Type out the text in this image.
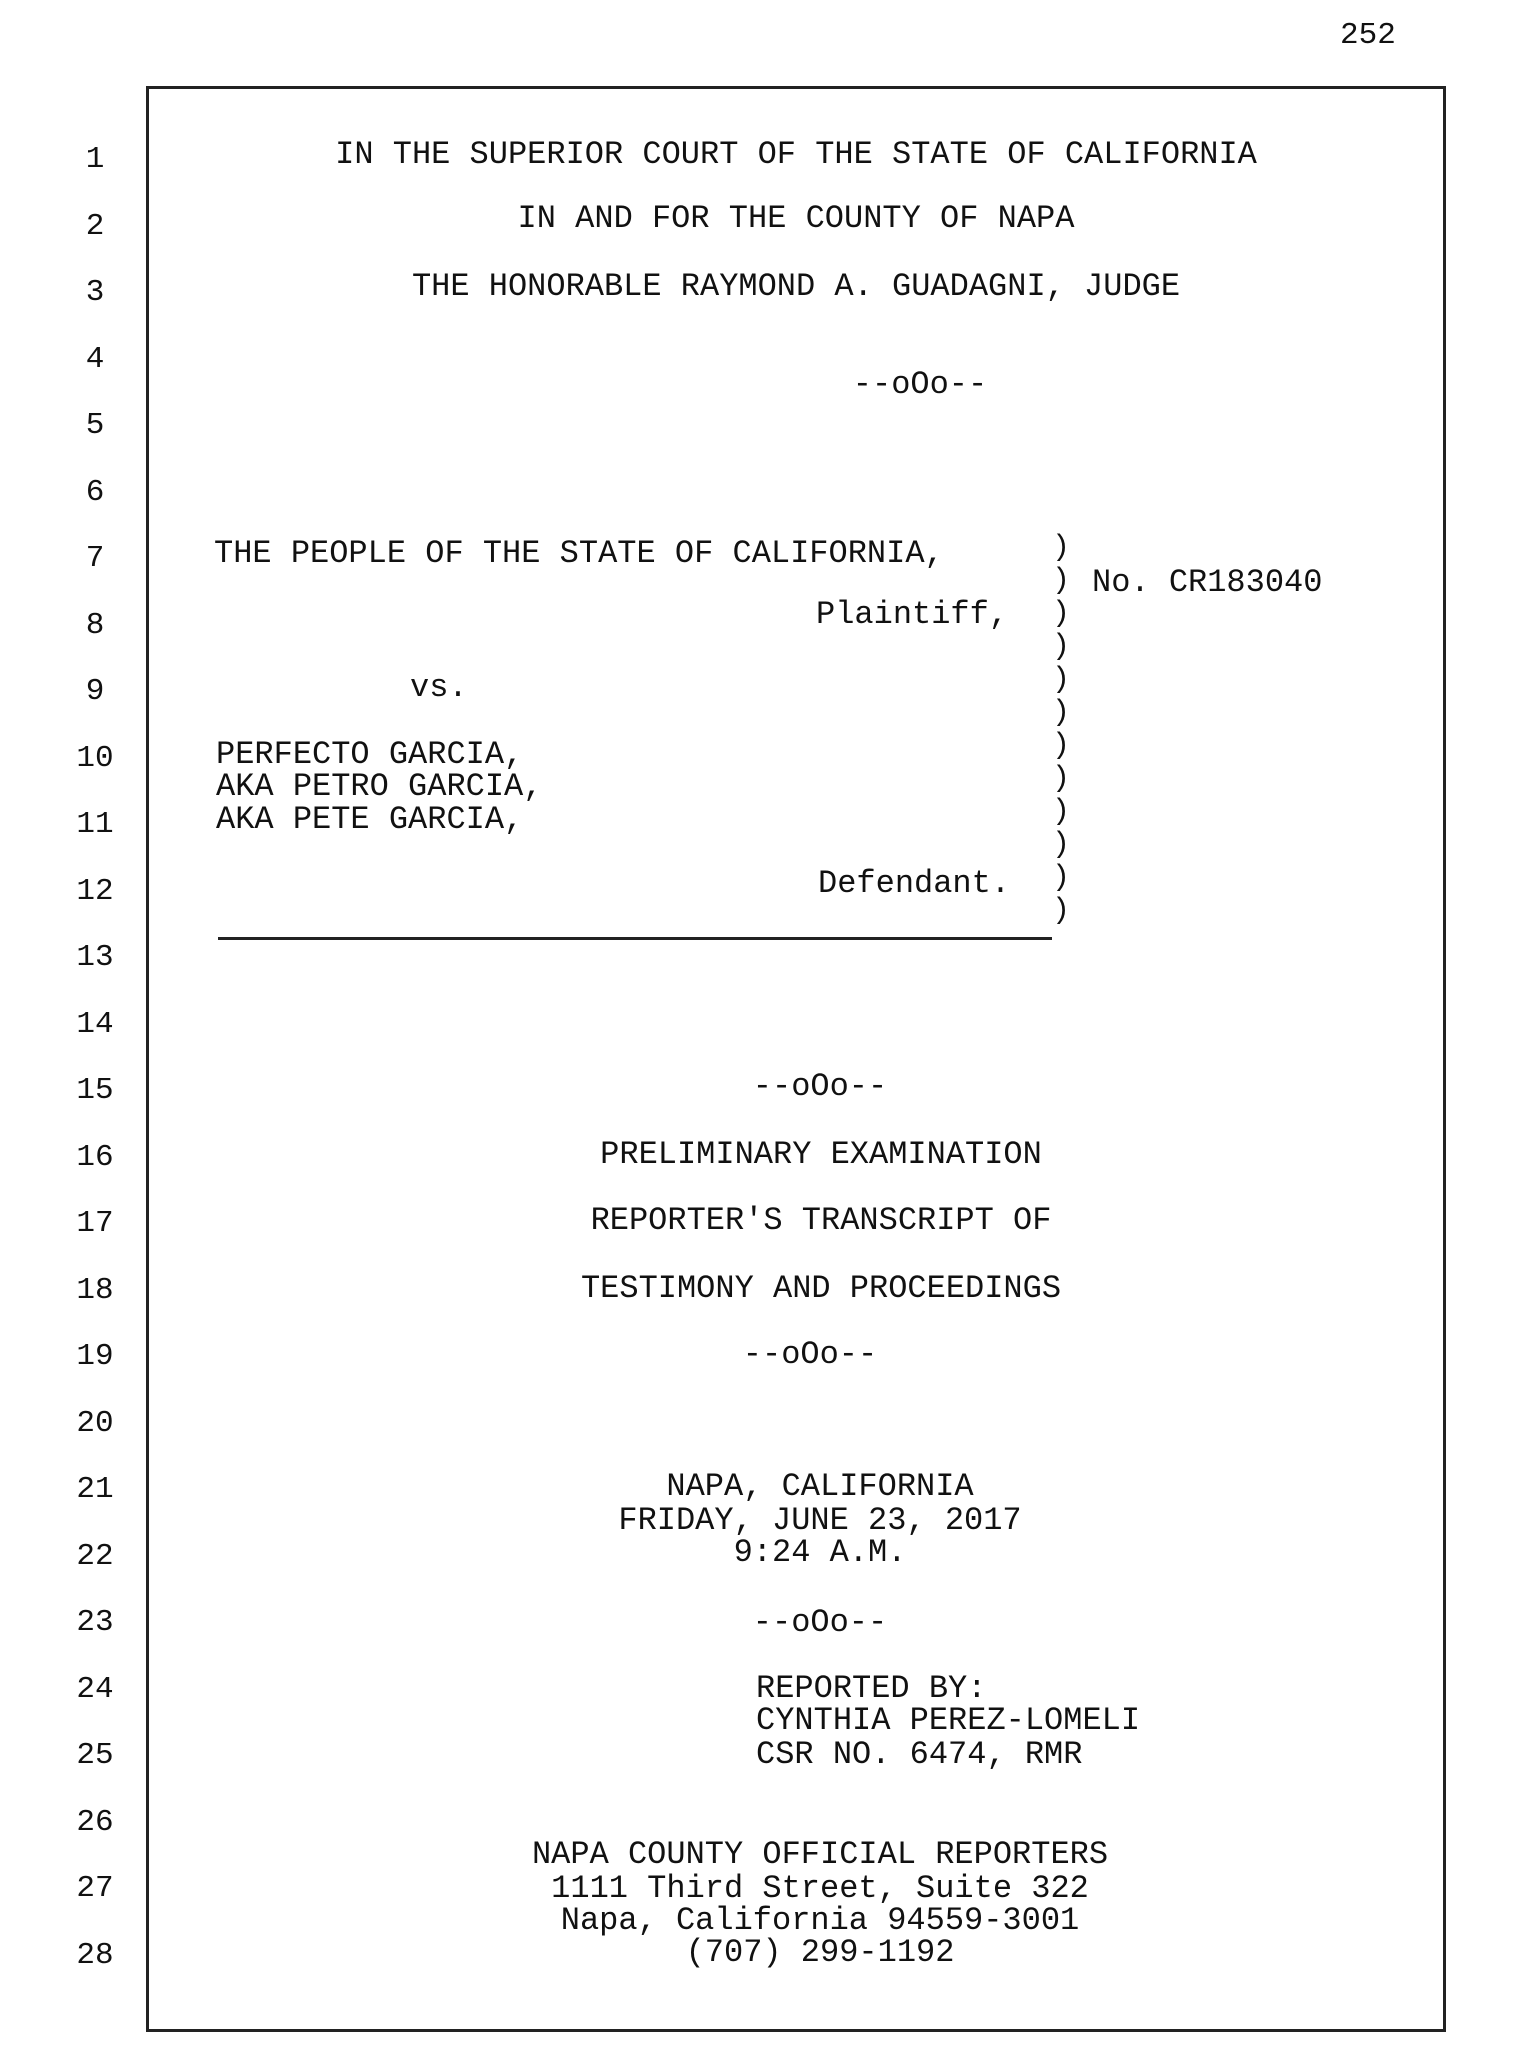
252
1
2
3
4
5
6
7
8
9
10
11
12
13
14
15
16
17
18
19
20
21
22
23
24
25
26
27
28
IN THE SUPERIOR COURT OF THE STATE OF CALIFORNIA
IN AND FOR THE COUNTY OF NAPA
THE HONORABLE RAYMOND A. GUADAGNI, JUDGE
--oOo--
THE PEOPLE OF THE STATE OF CALIFORNIA,
Plaintiff,
vs.
PERFECTO GARCIA,
AKA PETRO GARCIA,
AKA PETE GARCIA,
Defendant.
)
)
)
)
)
)
)
)
)
)
)
)
No. CR183040
--oOo--
PRELIMINARY EXAMINATION
REPORTER'S TRANSCRIPT OF
TESTIMONY AND PROCEEDINGS
--oOo--
NAPA, CALIFORNIA
FRIDAY, JUNE 23, 2017
9:24 A.M.
--oOo--
REPORTED BY:
CYNTHIA PEREZ-LOMELI
CSR NO. 6474, RMR
NAPA COUNTY OFFICIAL REPORTERS
1111 Third Street, Suite 322
Napa, California 94559-3001
(707) 299-1192
